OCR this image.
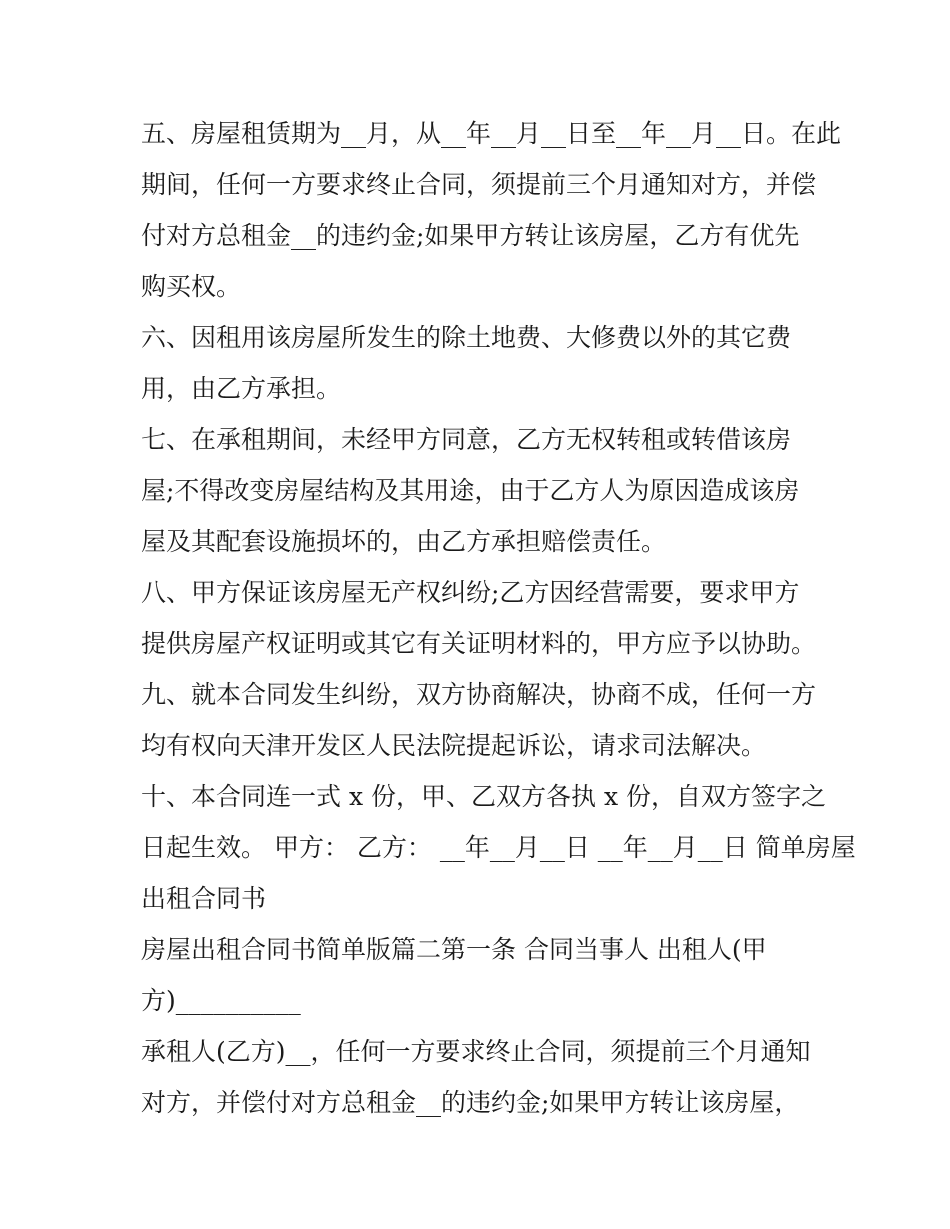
五、房屋租赁期为__月，从__年__月__日至__年__月__日。在此
期间，任何一方要求终止合同，须提前三个月通知对方，并偿
付对方总租金__的违约金;如果甲方转让该房屋，乙方有优先
购买权。

六、因租用该房屋所发生的除土地费、大修费以外的其它费
用，由乙方承担。

七、在承租期间，未经甲方同意，乙方无权转租或转借该房
屋;不得改变房屋结构及其用途，由于乙方人为原因造成该房
屋及其配套设施损坏的，由乙方承担赔偿责任。

八、甲方保证该房屋无产权纠纷;乙方因经营需要，要求甲方
提供房屋产权证明或其它有关证明材料的，甲方应予以协助。

九、就本合同发生纠纷，双方协商解决，协商不成，任何一方
均有权向天津开发区人民法院提起诉讼，请求司法解决。

十、本合同连一式 x 份，甲、乙双方各执 x 份，自双方签字之
日起生效。 甲方： 乙方： __年__月__日 __年__月__日 简单房屋
出租合同书

房屋出租合同书简单版篇二第一条 合同当事人 出租人(甲
方)__________

承租人(乙方)__，任何一方要求终止合同，须提前三个月通知
对方，并偿付对方总租金__的违约金;如果甲方转让该房屋，
